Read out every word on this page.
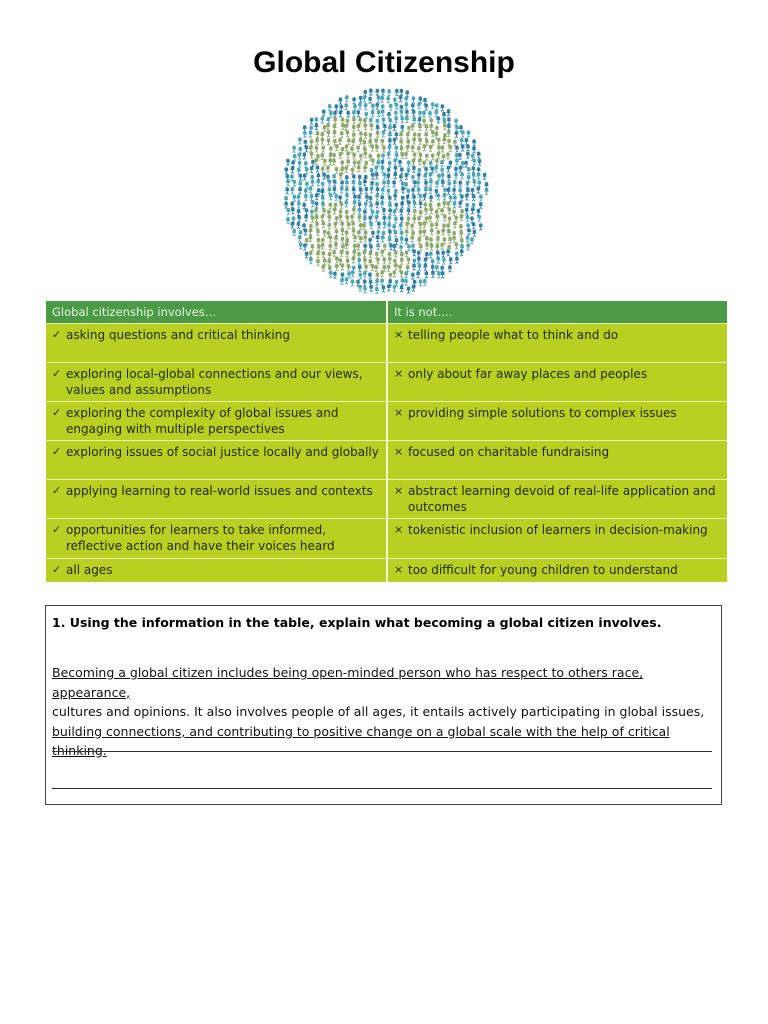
Global Citizenship
Global citizenship involves…	It is not….

✓ asking questions and critical thinking	× telling people what to think and do

✓ exploring local-global connections and our views, values and assumptions	× only about far away places and peoples

✓ exploring the complexity of global issues and engaging with multiple perspectives	× providing simple solutions to complex issues

✓ exploring issues of social justice locally and globally	× focused on charitable fundraising

✓ applying learning to real-world issues and contexts	× abstract learning devoid of real-life application and outcomes

✓ opportunities for learners to take informed, reflective action and have their voices heard	× tokenistic inclusion of learners in decision-making

✓ all ages	× too difficult for young children to understand
1. Using the information in the table, explain what becoming a global citizen involves.
Becoming a global citizen includes being open-minded person who has respect to others race, appearance,
cultures and opinions. It also involves people of all ages, it entails actively participating in global issues,
building connections, and contributing to positive change on a global scale with the help of critical thinking.
